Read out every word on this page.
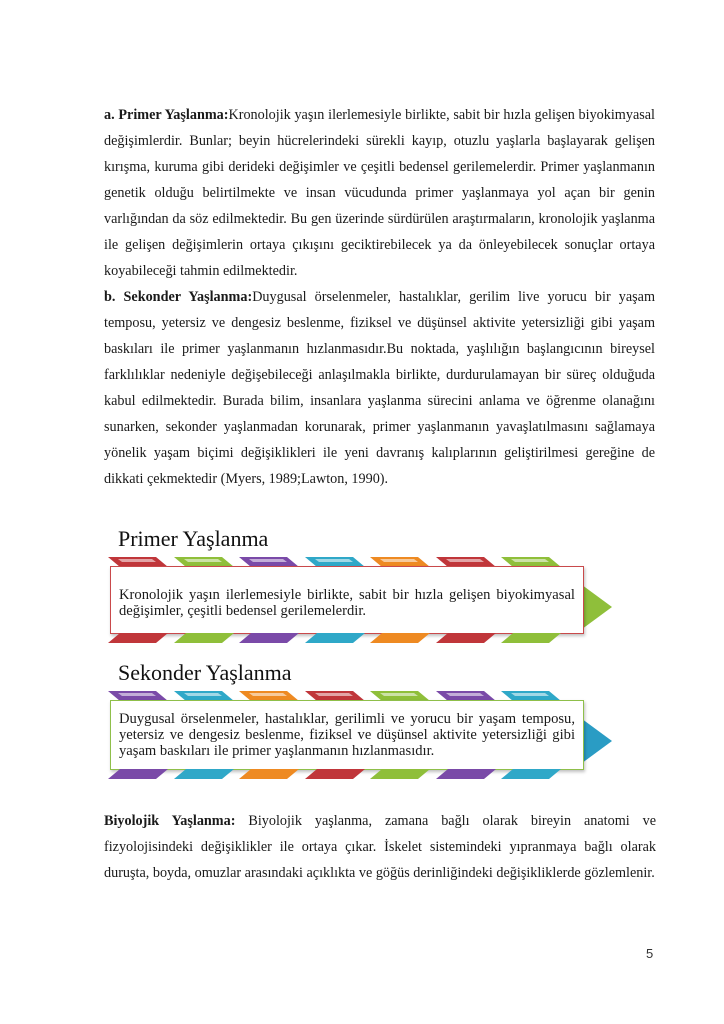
a. Primer Yaşlanma:Kronolojik yaşın ilerlemesiyle birlikte, sabit bir hızla gelişen biyokimyasal değişimlerdir. Bunlar; beyin hücrelerindeki sürekli kayıp, otuzlu yaşlarla başlayarak gelişen kırışma, kuruma gibi derideki değişimler ve çeşitli bedensel gerilemelerdir. Primer yaşlanmanın genetik olduğu belirtilmekte ve insan vücudunda primer yaşlanmaya yol açan bir genin varlığından da söz edilmektedir. Bu gen üzerinde sürdürülen araştırmaların, kronolojik yaşlanma ile gelişen değişimlerin ortaya çıkışını geciktirebilecek ya da önleyebilecek sonuçlar ortaya koyabileceği tahmin edilmektedir.

b. Sekonder Yaşlanma:Duygusal örselenmeler, hastalıklar, gerilim live yorucu bir yaşam temposu, yetersiz ve dengesiz beslenme, fiziksel ve düşünsel aktivite yetersizliği gibi yaşam baskıları ile primer yaşlanmanın hızlanmasıdır.Bu noktada, yaşlılığın başlangıcının bireysel farklılıklar nedeniyle değişebileceği anlaşılmakla birlikte, durdurulamayan bir süreç olduğuda kabul edilmektedir. Burada bilim, insanlara yaşlanma sürecini anlama ve öğrenme olanağını sunarken, sekonder yaşlanmadan korunarak, primer yaşlanmanın yavaşlatılmasını sağlamaya yönelik yaşam biçimi değişiklikleri ile yeni davranış kalıplarının geliştirilmesi gereğine de dikkati çekmektedir (Myers, 1989;Lawton, 1990).

Primer Yaşlanma
Kronolojik yaşın ilerlemesiyle birlikte, sabit bir hızla gelişen biyokimyasal değişimler, çeşitli bedensel gerilemelerdir.
Sekonder Yaşlanma
Duygusal örselenmeler, hastalıklar, gerilimli ve yorucu bir yaşam temposu, yetersiz ve dengesiz beslenme, fiziksel ve düşünsel aktivite yetersizliği gibi yaşam baskıları ile primer yaşlanmanın hızlanmasıdır.

Biyolojik Yaşlanma: Biyolojik yaşlanma, zamana bağlı olarak bireyin anatomi ve fizyolojisindeki değişiklikler ile ortaya çıkar. İskelet sistemindeki yıpranmaya bağlı olarak duruşta, boyda, omuzlar arasındaki açıklıkta ve göğüs derinliğindeki değişikliklerde gözlemlenir.

5
